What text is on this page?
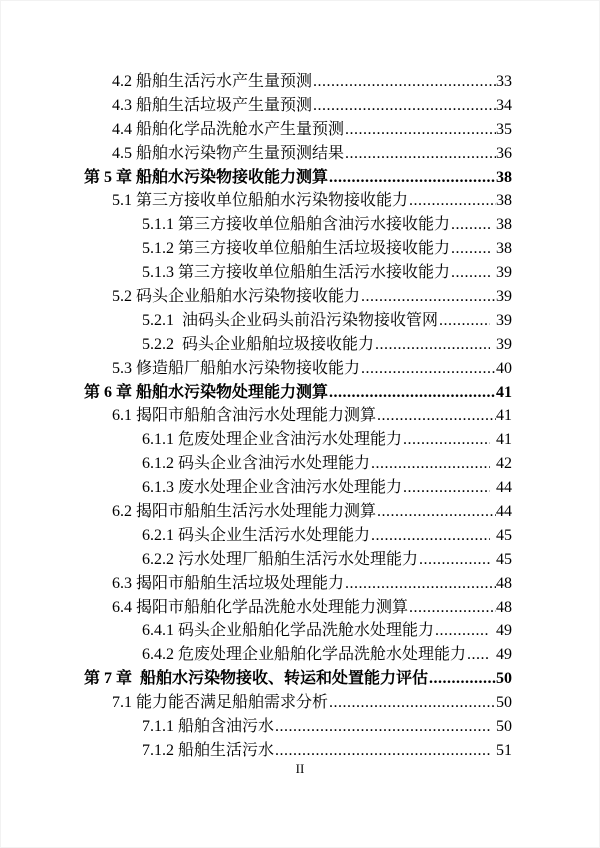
4.2 船舶生活污水产生量预测 .....	33
4.3 船舶生活垃圾产生量预测 .....	34
4.4 船舶化学品洗舱水产生量预测 .....	35
4.5 船舶水污染物产生量预测结果 .....	36
第 5 章 船舶水污染物接收能力测算 .....	38
5.1 第三方接收单位船舶水污染物接收能力 .....	38
5.1.1 第三方接收单位船舶含油污水接收能力 .....	38
5.1.2 第三方接收单位船舶生活垃圾接收能力 .....	38
5.1.3 第三方接收单位船舶生活污水接收能力 .....	39
5.2 码头企业船舶水污染物接收能力 .....	39
5.2.1  油码头企业码头前沿污染物接收管网 .....	39
5.2.2  码头企业船舶垃圾接收能力 .....	39
5.3 修造船厂船舶水污染物接收能力 .....	40
第 6 章 船舶水污染物处理能力测算 .....	41
6.1 揭阳市船舶含油污水处理能力测算 .....	41
6.1.1 危废处理企业含油污水处理能力 .....	41
6.1.2 码头企业含油污水处理能力 .....	42
6.1.3 废水处理企业含油污水处理能力 .....	44
6.2 揭阳市船舶生活污水处理能力测算 .....	44
6.2.1 码头企业生活污水处理能力 .....	45
6.2.2 污水处理厂船舶生活污水处理能力 .....	45
6.3 揭阳市船舶生活垃圾处理能力 .....	48
6.4 揭阳市船舶化学品洗舱水处理能力测算 .....	48
6.4.1 码头企业船舶化学品洗舱水处理能力 .....	49
6.4.2 危废处理企业船舶化学品洗舱水处理能力 .....	49
第 7 章  船舶水污染物接收、转运和处置能力评估 .....	50
7.1 能力能否满足船舶需求分析 .....	50
7.1.1 船舶含油污水 .....	50
7.1.2 船舶生活污水 .....	51
II
